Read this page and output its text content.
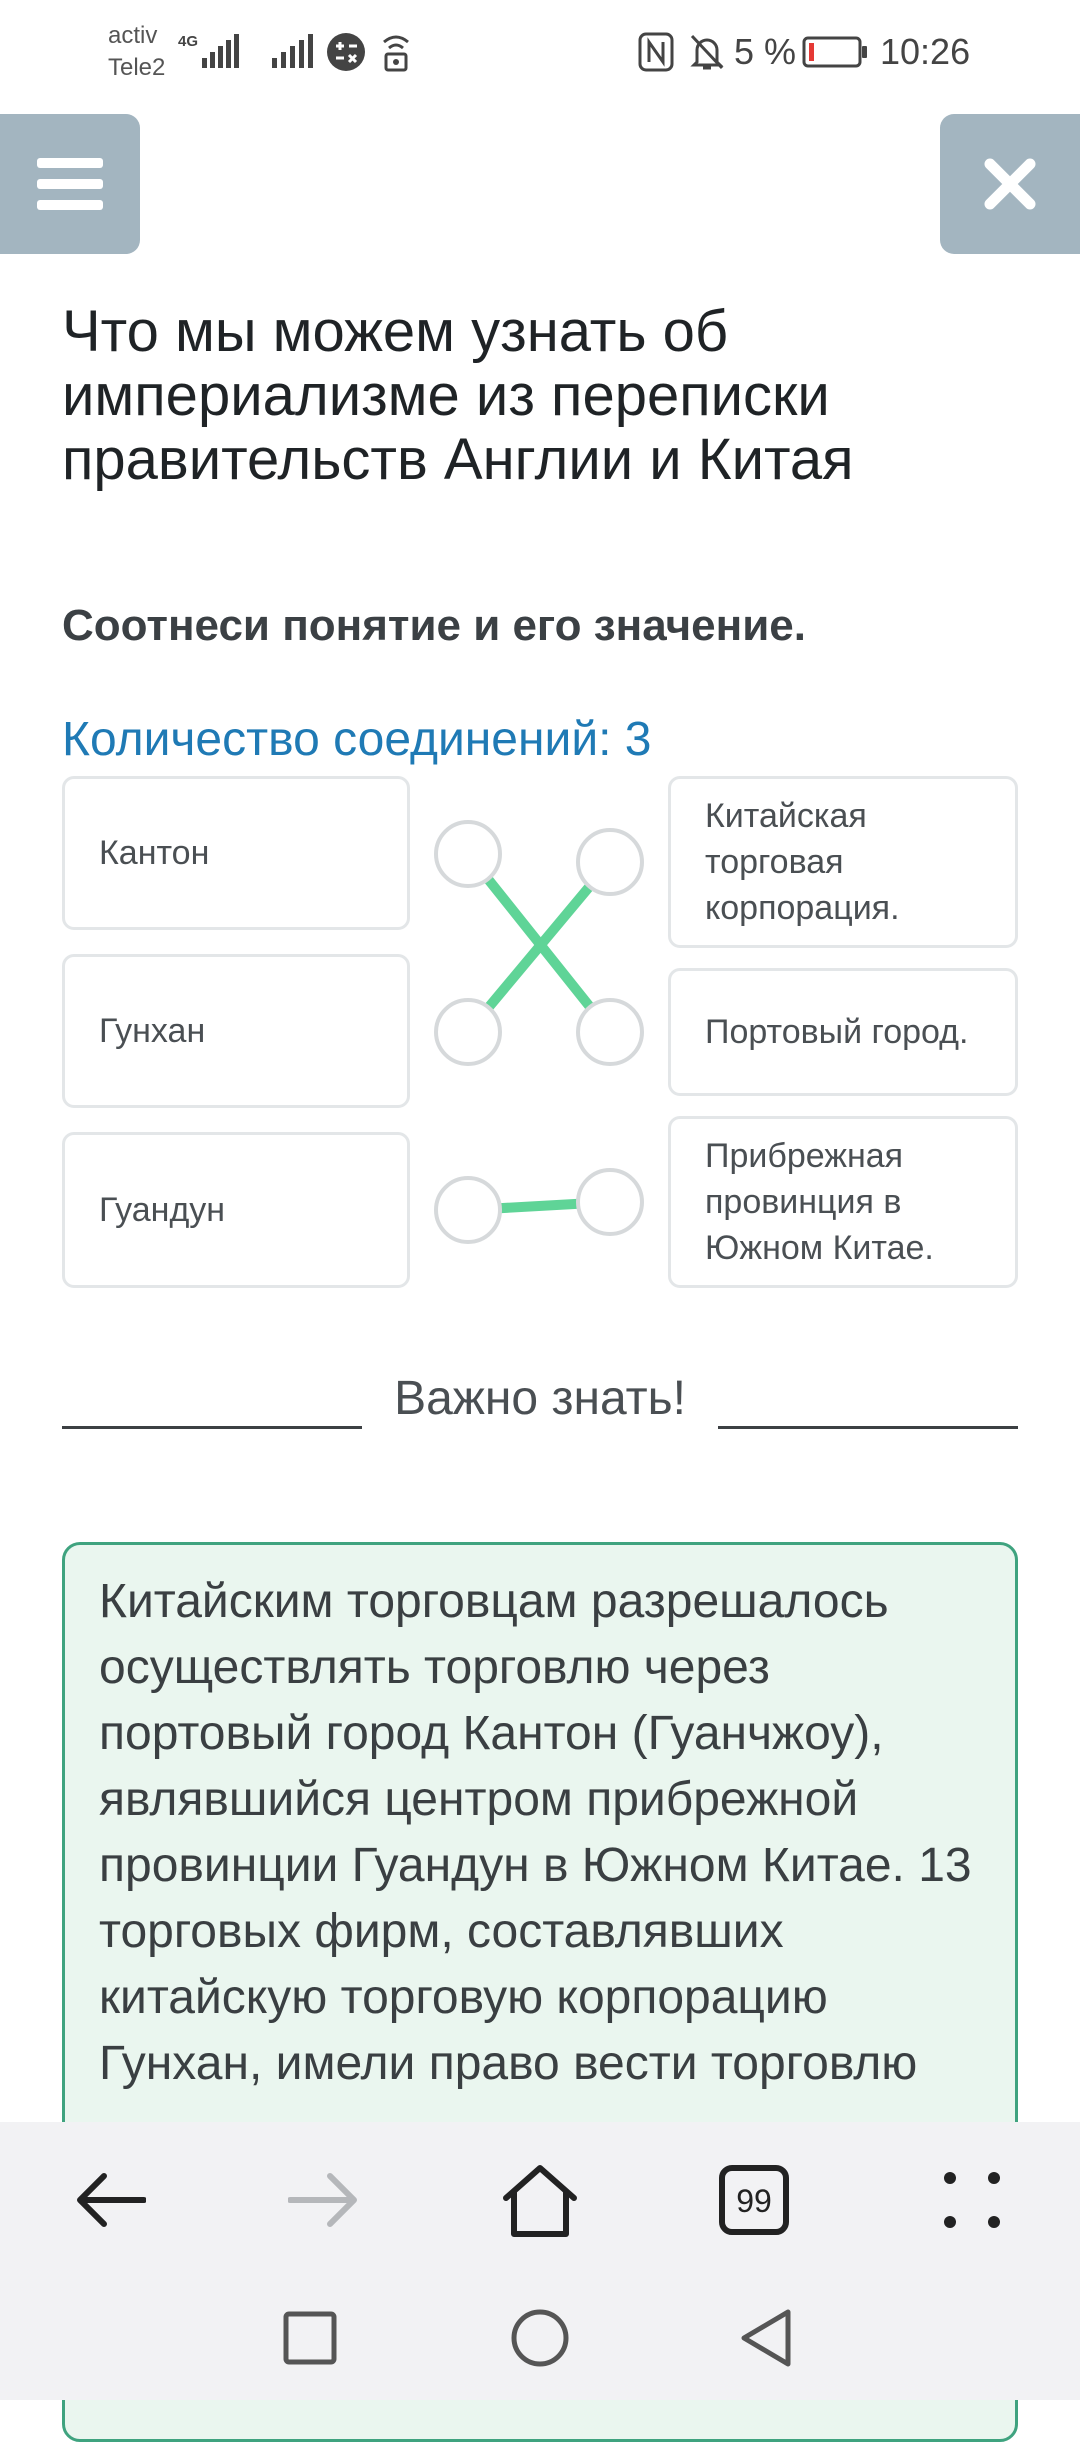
activ
Tele2
4G	5 % 10:26
Что мы можем узнать об империализме из переписки правительств Англии и Китая
Соотнеси понятие и его значение.
Количество соединений: 3
Кантон
Гунхан
Гуандун
Китайская торговая корпорация.
Портовый город.
Прибрежная провинция в Южном Китае.
Важно знать!
Китайским торговцам разрешалось осуществлять торговлю через портовый город Кантон (Гуанчжоу), являвшийся центром прибрежной провинции Гуандун в Южном Китае. 13 торговых фирм, составлявших китайскую торговую корпорацию Гунхан, имели право вести торговлю
99
